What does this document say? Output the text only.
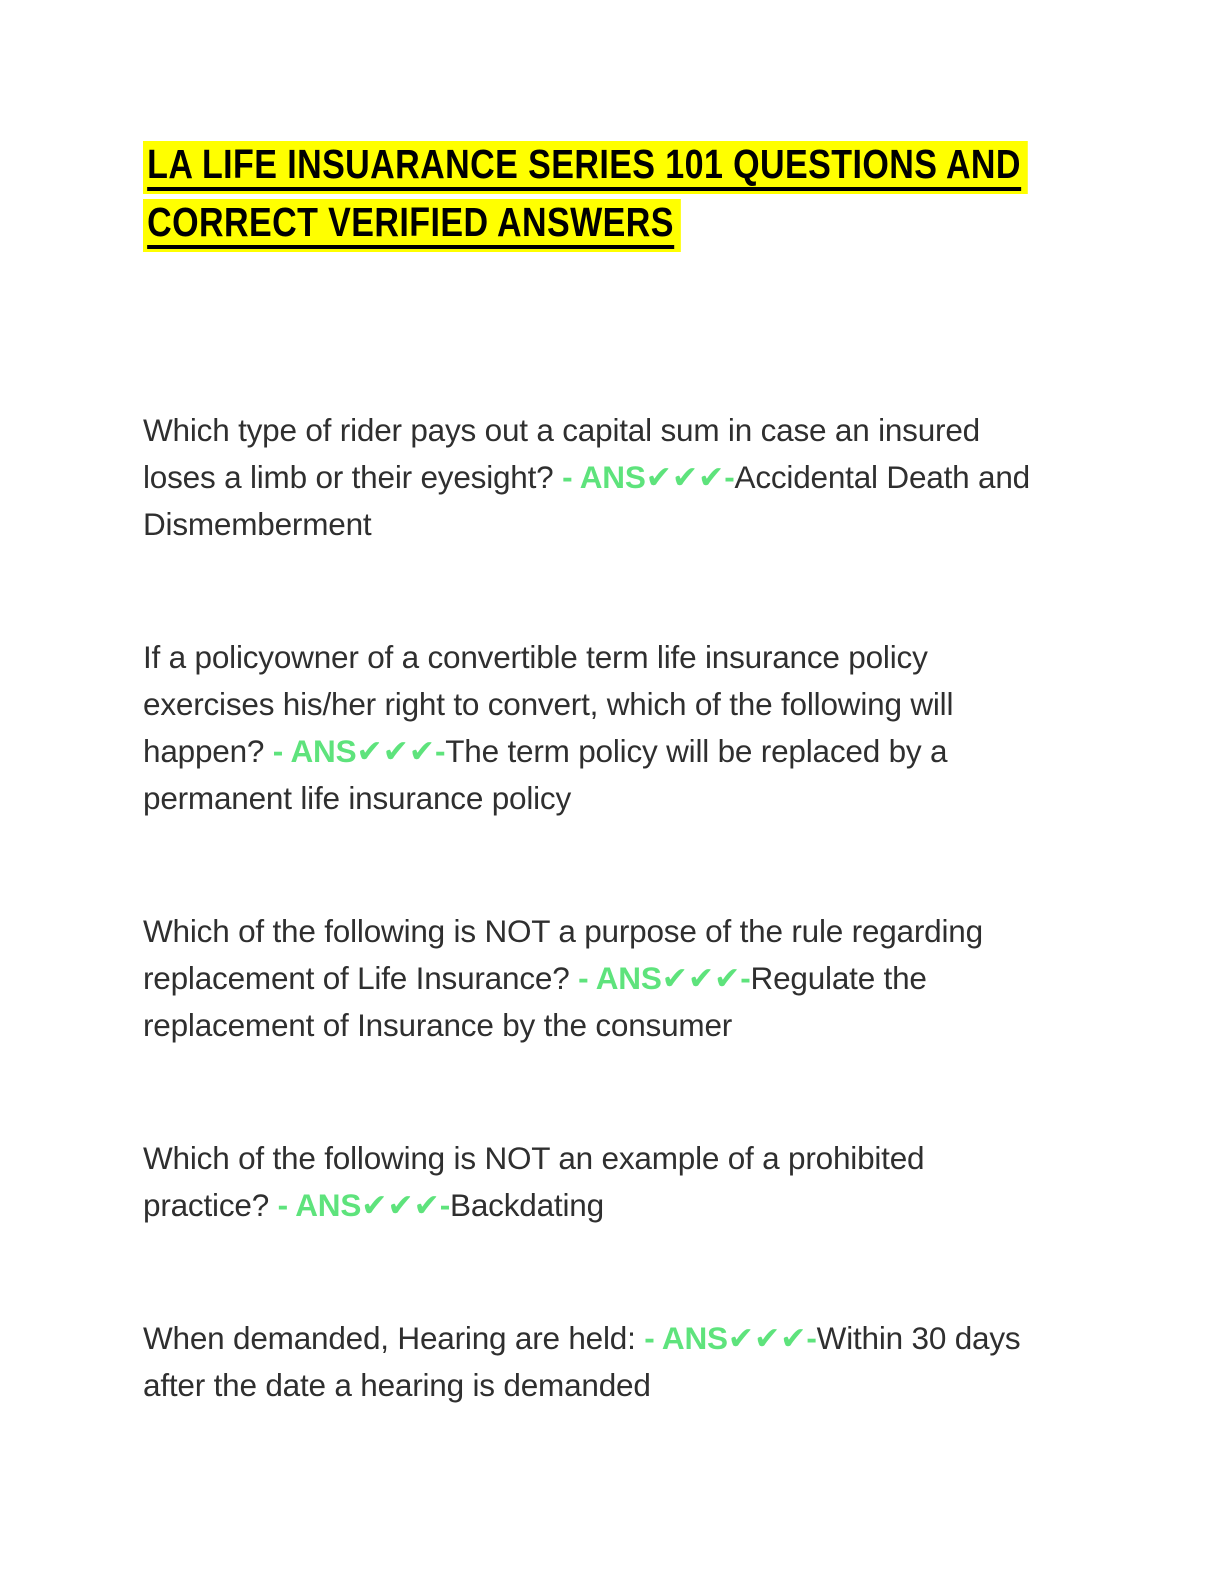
LA LIFE INSUARANCE SERIES 101 QUESTIONS AND
CORRECT VERIFIED ANSWERS

Which type of rider pays out a capital sum in case an insured
loses a limb or their eyesight? - ANS✔✔✔-Accidental Death and
Dismemberment

If a policyowner of a convertible term life insurance policy
exercises his/her right to convert, which of the following will
happen? - ANS✔✔✔-The term policy will be replaced by a
permanent life insurance policy

Which of the following is NOT a purpose of the rule regarding
replacement of Life Insurance? - ANS✔✔✔-Regulate the
replacement of Insurance by the consumer

Which of the following is NOT an example of a prohibited
practice? - ANS✔✔✔-Backdating

When demanded, Hearing are held: - ANS✔✔✔-Within 30 days
after the date a hearing is demanded
